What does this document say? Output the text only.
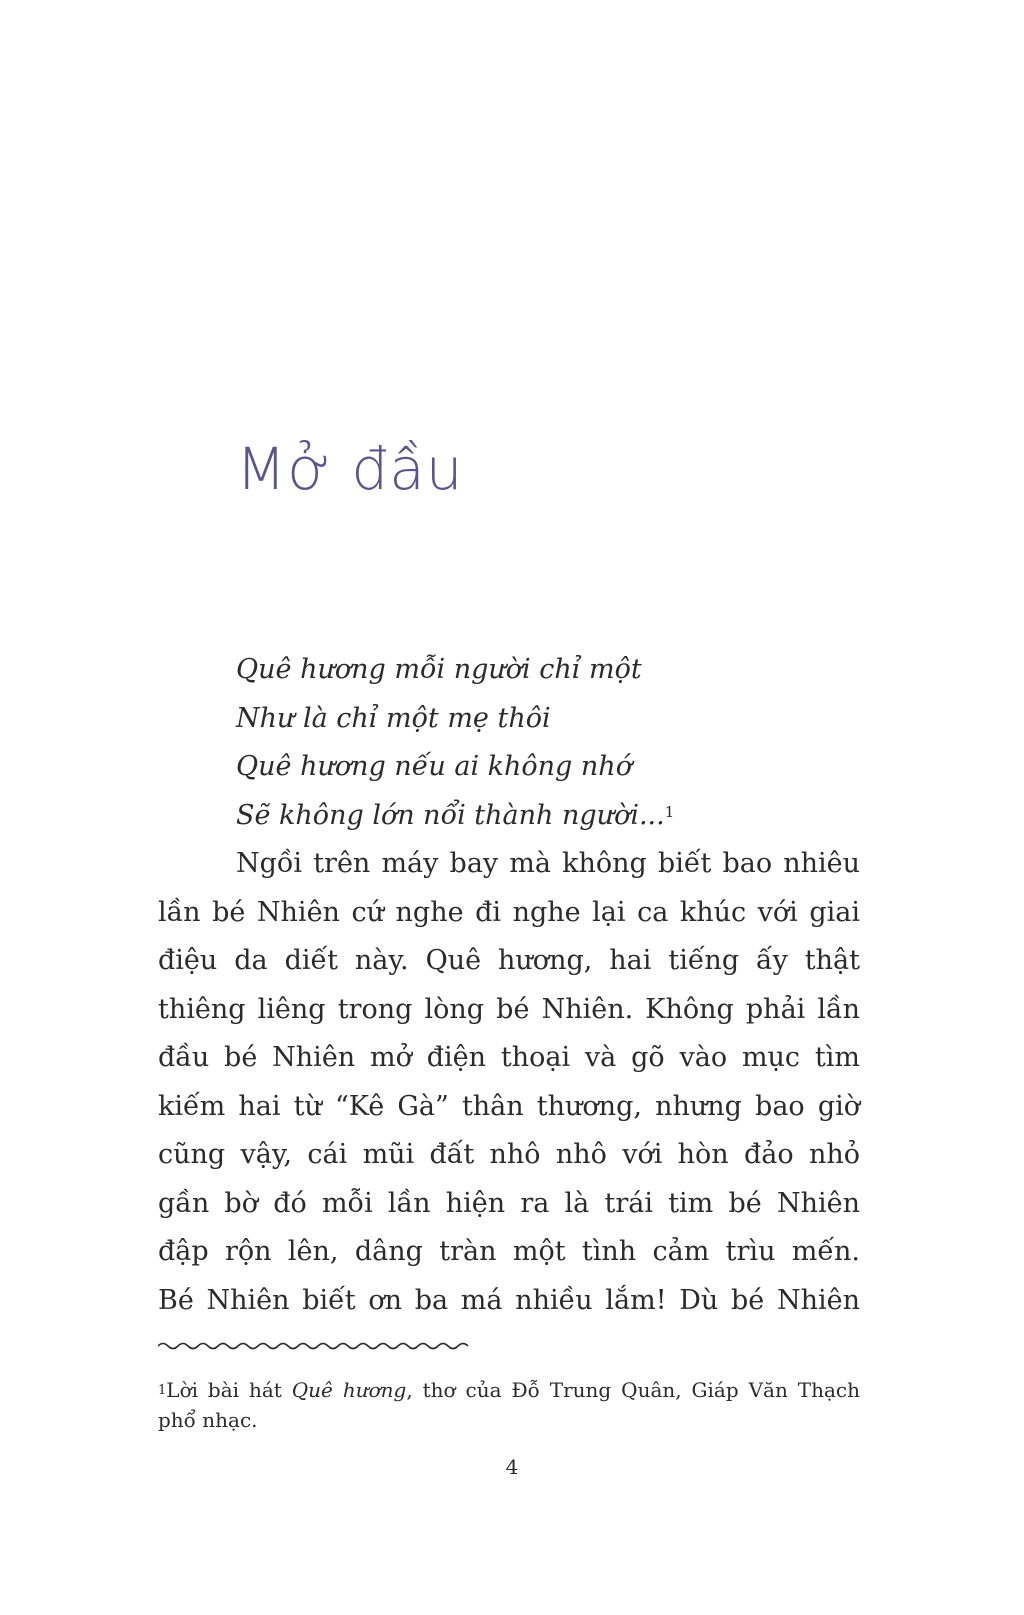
Mở đầu
Quê hương mỗi người chỉ một
Như là chỉ một mẹ thôi
Quê hương nếu ai không nhớ
Sẽ không lớn nổi thành người...$^1$
Ngồi trên máy bay mà không biết bao nhiêu
lần bé Nhiên cứ nghe đi nghe lại ca khúc với giai
điệu da diết này. Quê hương, hai tiếng ấy thật
thiêng liêng trong lòng bé Nhiên. Không phải lần
đầu bé Nhiên mở điện thoại và gõ vào mục tìm
kiếm hai từ “Kê Gà” thân thương, nhưng bao giờ
cũng vậy, cái mũi đất nhô nhô với hòn đảo nhỏ
gần bờ đó mỗi lần hiện ra là trái tim bé Nhiên
đập rộn lên, dâng tràn một tình cảm trìu mến.
Bé Nhiên biết ơn ba má nhiều lắm! Dù bé Nhiên
$^1$Lời bài hát Quê hương, thơ của Đỗ Trung Quân, Giáp Văn Thạch
phổ nhạc.
4
